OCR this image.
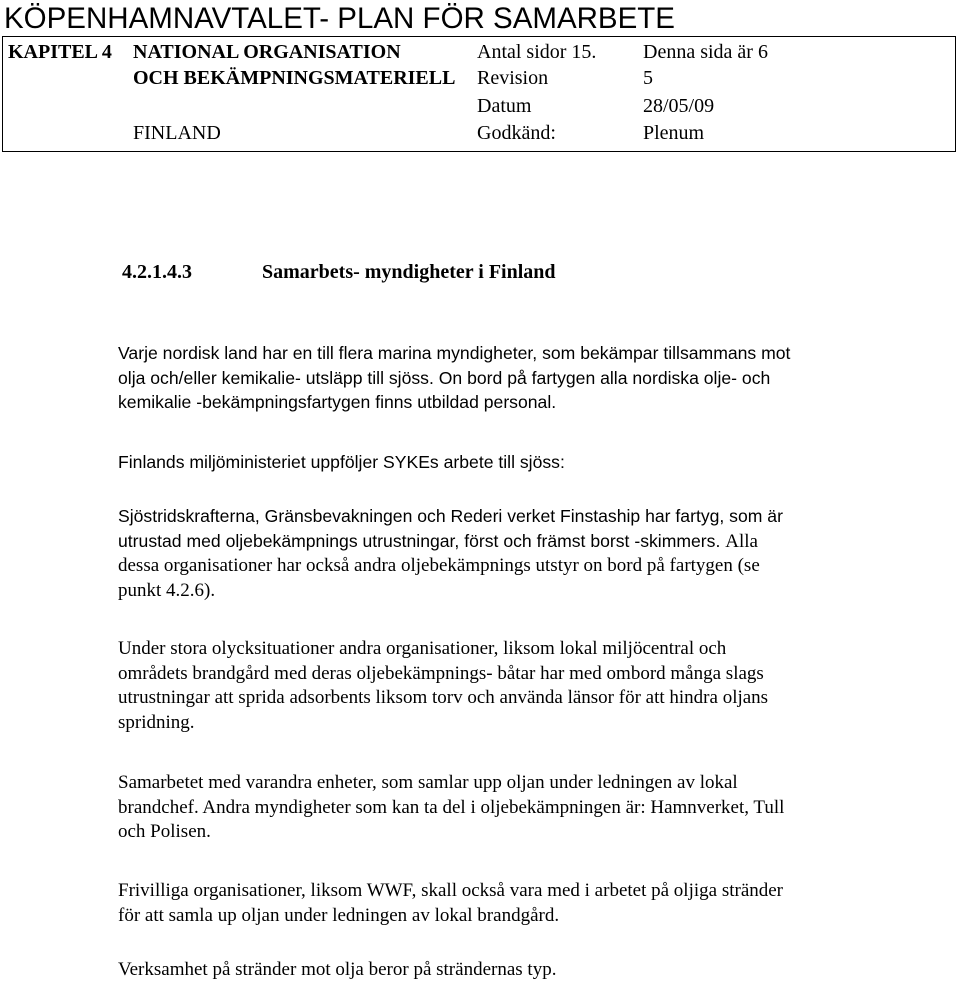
KÖPENHAMNAVTALET- PLAN FÖR SAMARBETE
KAPITEL 4 NATIONAL ORGANISATION
OCH BEKÄMPNINGSMATERIELL
FINLAND
Antal sidor 15.
Revision
Datum
Godkänd:
Denna sida är 6
5
28/05/09
Plenum
4.2.1.4.3	Samarbets- myndigheter i Finland
Varje nordisk land har en till flera marina myndigheter, som bekämpar tillsammans mot
olja och/eller kemikalie- utsläpp till sjöss. On bord på fartygen alla nordiska olje- och
kemikalie -bekämpningsfartygen finns utbildad personal.
Finlands miljöministeriet uppföljer SYKEs arbete till sjöss:
Sjöstridskrafterna, Gränsbevakningen och Rederi verket Finstaship har fartyg, som är
utrustad med oljebekämpnings utrustningar, först och främst borst -skimmers. Alla
dessa organisationer har också andra oljebekämpnings utstyr on bord på fartygen (se
punkt 4.2.6).
Under stora olycksituationer andra organisationer, liksom lokal miljöcentral och
områdets brandgård med deras oljebekämpnings- båtar har med ombord många slags
utrustningar att sprida adsorbents liksom torv och använda länsor för att hindra oljans
spridning.
Samarbetet med varandra enheter, som samlar upp oljan under ledningen av lokal
brandchef. Andra myndigheter som kan ta del i oljebekämpningen är: Hamnverket, Tull
och Polisen.
Frivilliga organisationer, liksom WWF, skall också vara med i arbetet på oljiga stränder
för att samla up oljan under ledningen av lokal brandgård.
Verksamhet på stränder mot olja beror på strändernas typ.
